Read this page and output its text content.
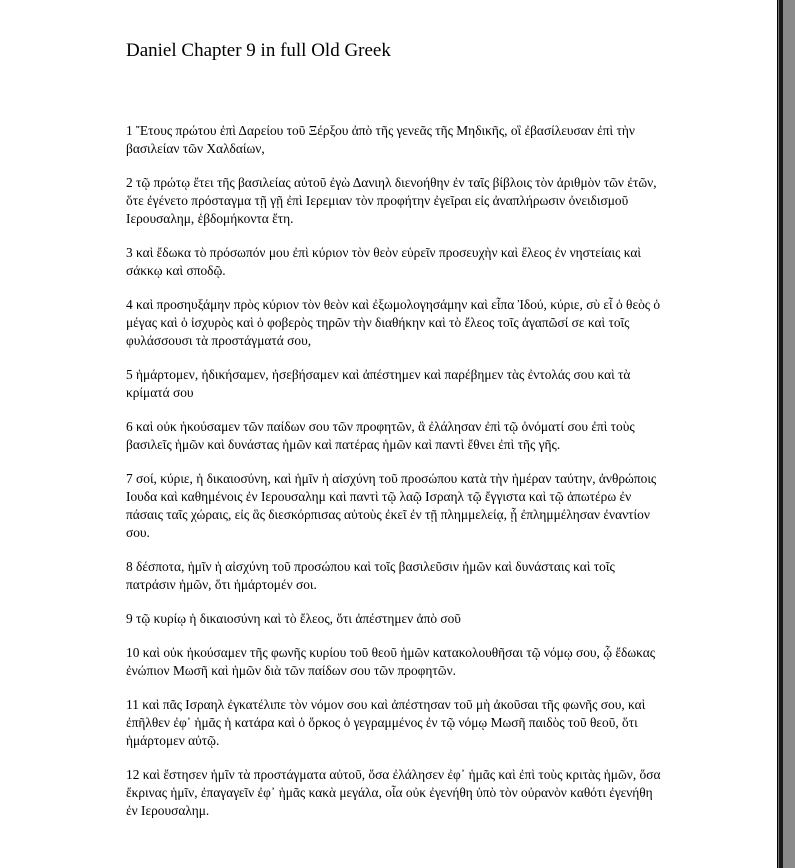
Daniel Chapter 9 in full Old Greek

1 Ἔτους πρώτου ἐπὶ Δαρείου τοῦ Ξέρξου ἀπὸ τῆς γενεᾶς τῆς Μηδικῆς, οἳ ἐβασίλευσαν ἐπὶ τὴν βασιλείαν τῶν Χαλδαίων,

2 τῷ πρώτῳ ἔτει τῆς βασιλείας αὐτοῦ ἐγὼ Δανιηλ διενοήθην ἐν ταῖς βίβλοις τὸν ἀριθμὸν τῶν ἐτῶν, ὅτε ἐγένετο πρόσταγμα τῇ γῇ ἐπὶ Ιερεμιαν τὸν προφήτην ἐγεῖραι εἰς ἀναπλήρωσιν ὀνειδισμοῦ Ιερουσαλημ, ἑβδομήκοντα ἔτη.

3 καὶ ἔδωκα τὸ πρόσωπόν μου ἐπὶ κύριον τὸν θεὸν εὑρεῖν προσευχὴν καὶ ἔλεος ἐν νηστείαις καὶ σάκκῳ καὶ σποδῷ.

4 καὶ προσηυξάμην πρὸς κύριον τὸν θεὸν καὶ ἐξωμολογησάμην καὶ εἶπα Ἰδού, κύριε, σὺ εἶ ὁ θεὸς ὁ μέγας καὶ ὁ ἰσχυρὸς καὶ ὁ φοβερὸς τηρῶν τὴν διαθήκην καὶ τὸ ἔλεος τοῖς ἀγαπῶσί σε καὶ τοῖς φυλάσσουσι τὰ προστάγματά σου,

5 ἡμάρτομεν, ἠδικήσαμεν, ἠσεβήσαμεν καὶ ἀπέστημεν καὶ παρέβημεν τὰς ἐντολάς σου καὶ τὰ κρίματά σου

6 καὶ οὐκ ἠκούσαμεν τῶν παίδων σου τῶν προφητῶν, ἃ ἐλάλησαν ἐπὶ τῷ ὀνόματί σου ἐπὶ τοὺς βασιλεῖς ἡμῶν καὶ δυνάστας ἡμῶν καὶ πατέρας ἡμῶν καὶ παντὶ ἔθνει ἐπὶ τῆς γῆς.

7 σοί, κύριε, ἡ δικαιοσύνη, καὶ ἡμῖν ἡ αἰσχύνη τοῦ προσώπου κατὰ τὴν ἡμέραν ταύτην, ἀνθρώποις Ιουδα καὶ καθημένοις ἐν Ιερουσαλημ καὶ παντὶ τῷ λαῷ Ισραηλ τῷ ἔγγιστα καὶ τῷ ἀπωτέρω ἐν πάσαις ταῖς χώραις, εἰς ἃς διεσκόρπισας αὐτοὺς ἐκεῖ ἐν τῇ πλημμελείᾳ, ᾗ ἐπλημμέλησαν ἐναντίον σου.

8 δέσποτα, ἡμῖν ἡ αἰσχύνη τοῦ προσώπου καὶ τοῖς βασιλεῦσιν ἡμῶν καὶ δυνάσταις καὶ τοῖς πατράσιν ἡμῶν, ὅτι ἡμάρτομέν σοι.

9 τῷ κυρίῳ ἡ δικαιοσύνη καὶ τὸ ἔλεος, ὅτι ἀπέστημεν ἀπὸ σοῦ

10 καὶ οὐκ ἠκούσαμεν τῆς φωνῆς κυρίου τοῦ θεοῦ ἡμῶν κατακολουθῆσαι τῷ νόμῳ σου, ᾧ ἔδωκας ἐνώπιον Μωσῆ καὶ ἡμῶν διὰ τῶν παίδων σου τῶν προφητῶν.

11 καὶ πᾶς Ισραηλ ἐγκατέλιπε τὸν νόμον σου καὶ ἀπέστησαν τοῦ μὴ ἀκοῦσαι τῆς φωνῆς σου, καὶ ἐπῆλθεν ἐφ᾽ ἡμᾶς ἡ κατάρα καὶ ὁ ὅρκος ὁ γεγραμμένος ἐν τῷ νόμῳ Μωσῆ παιδὸς τοῦ θεοῦ, ὅτι ἡμάρτομεν αὐτῷ.

12 καὶ ἔστησεν ἡμῖν τὰ προστάγματα αὐτοῦ, ὅσα ἐλάλησεν ἐφ᾽ ἡμᾶς καὶ ἐπὶ τοὺς κριτὰς ἡμῶν, ὅσα ἔκρινας ἡμῖν, ἐπαγαγεῖν ἐφ᾽ ἡμᾶς κακὰ μεγάλα, οἷα οὐκ ἐγενήθη ὑπὸ τὸν οὐρανὸν καθότι ἐγενήθη ἐν Ιερουσαλημ.
